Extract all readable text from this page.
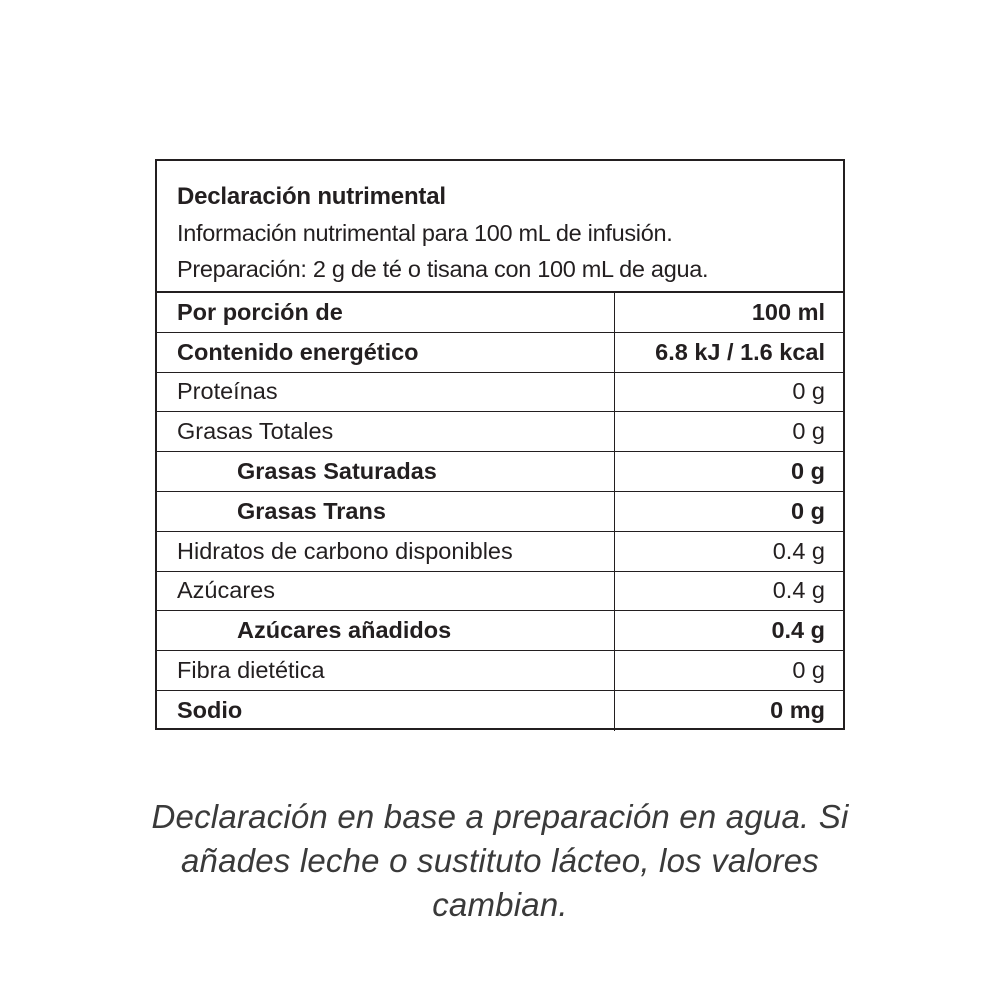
Declaración nutrimental
Información nutrimental para 100 mL de infusión.
Preparación: 2 g de té o tisana con 100 mL de agua.
Por porción de	100 ml
Contenido energético	6.8 kJ / 1.6 kcal
Proteínas	0 g
Grasas Totales	0 g
Grasas Saturadas	0 g
Grasas Trans	0 g
Hidratos de carbono disponibles	0.4 g
Azúcares	0.4 g
Azúcares añadidos	0.4 g
Fibra dietética	0 g
Sodio	0 mg
Declaración en base a preparación en agua. Si
añades leche o sustituto lácteo, los valores
cambian.
